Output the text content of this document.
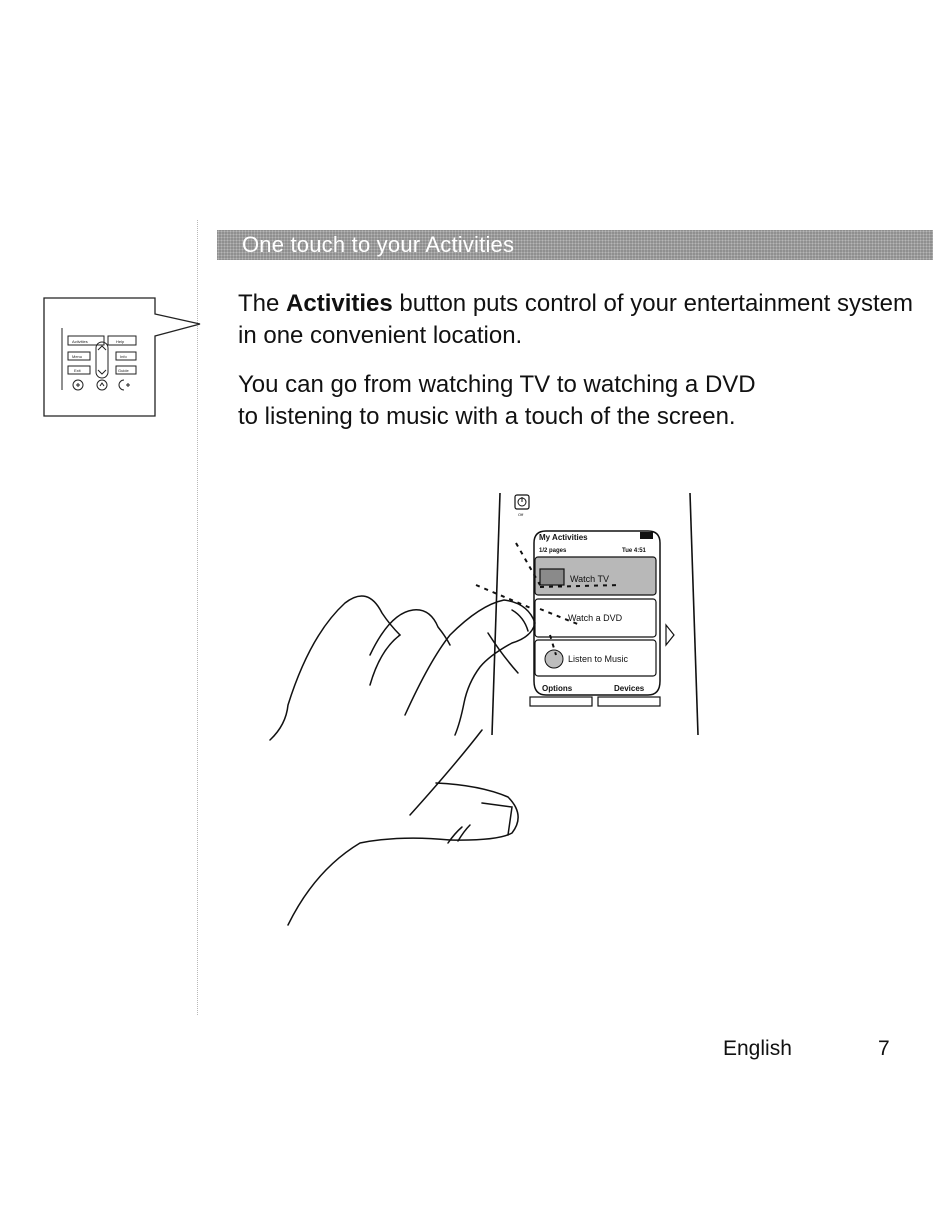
One touch to your Activities

The Activities button puts control of your entertainment system in one convenient location.

You can go from watching TV to watching a DVD
to listening to music with a touch of the screen.

Activities	Help
Menu	Info
Exit	Guide
Off
My Activities
1/2 pages	Tue 4:51
Watch TV
Watch a DVD
Listen to Music
Options	Devices
English	7
